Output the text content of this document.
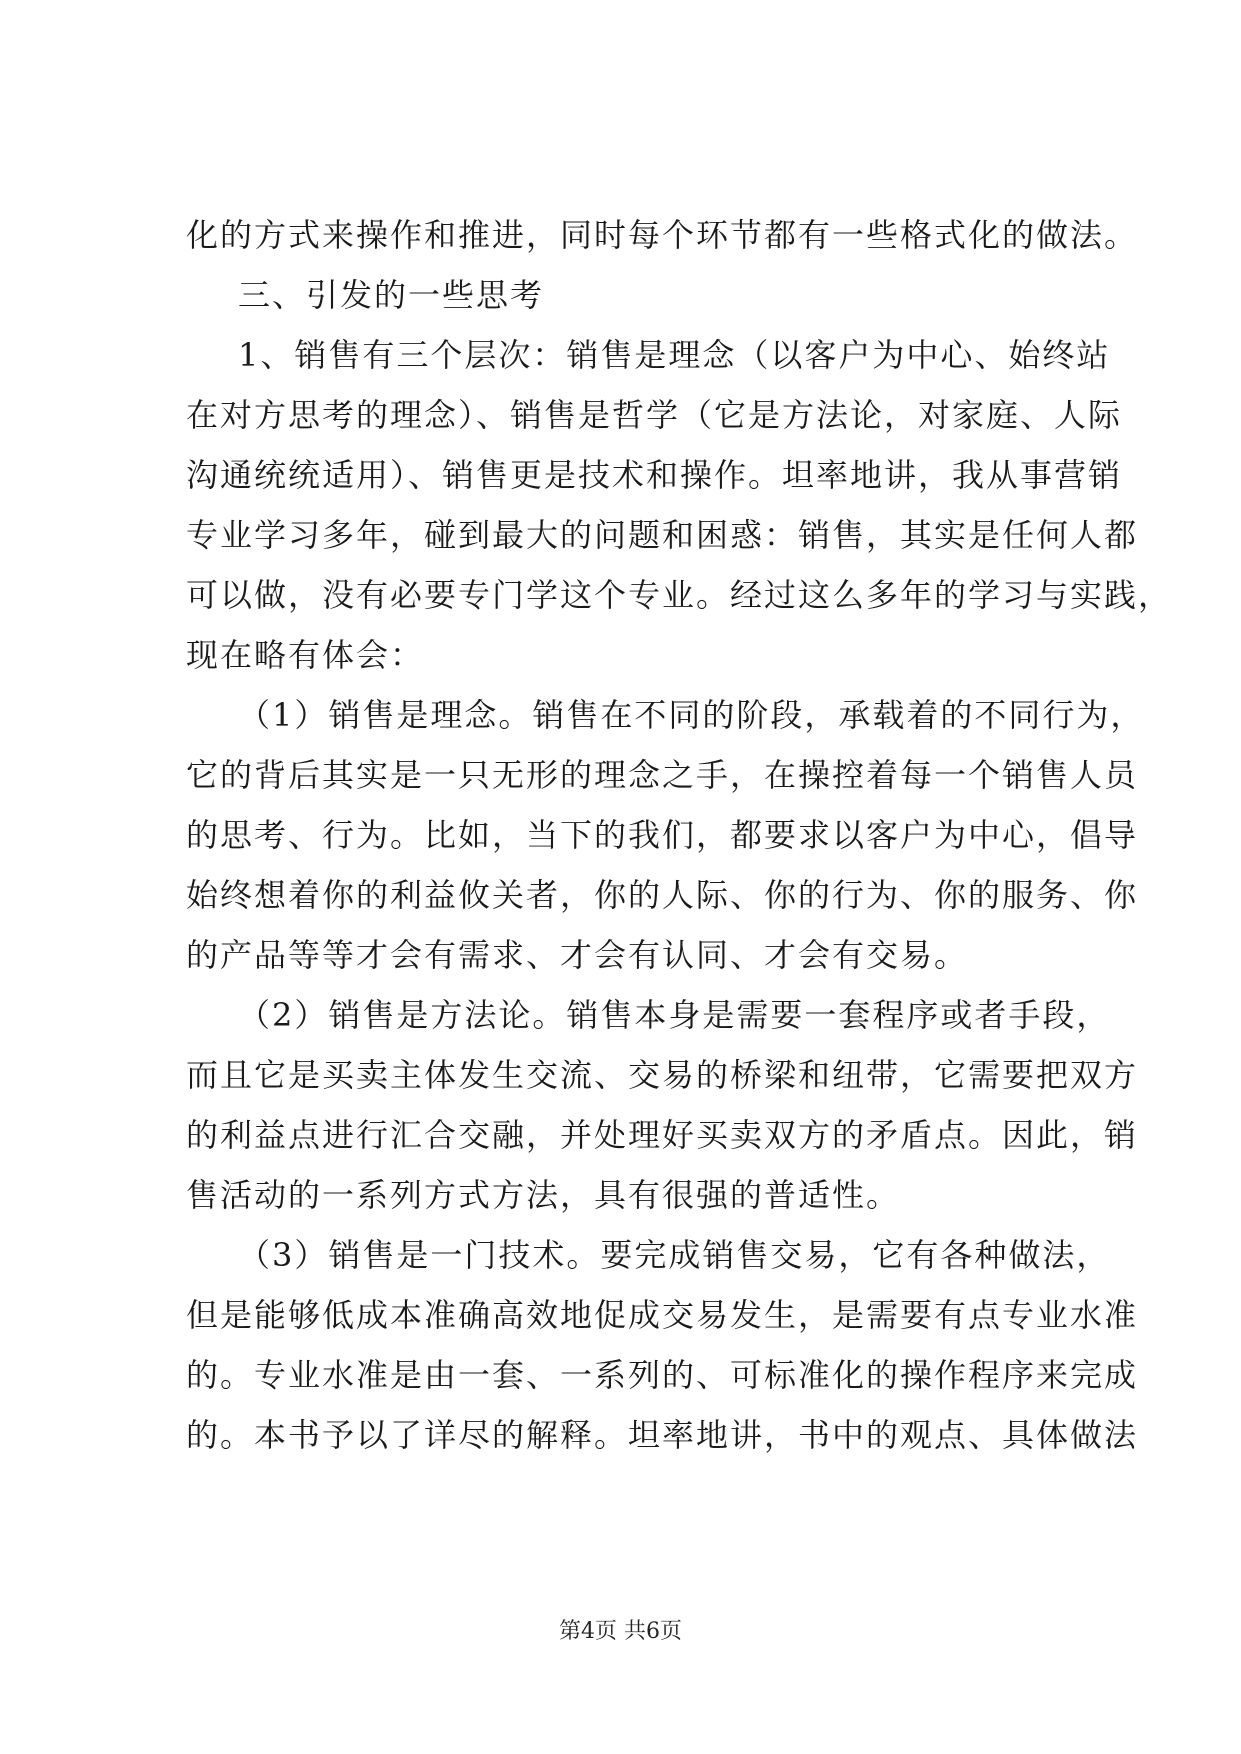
化的方式来操作和推进，同时每个环节都有一些格式化的做法。
三、引发的一些思考
1、销售有三个层次：销售是理念（以客户为中心、始终站
在对方思考的理念）、销售是哲学（它是方法论，对家庭、人际
沟通统统适用）、销售更是技术和操作。坦率地讲，我从事营销
专业学习多年，碰到最大的问题和困惑：销售，其实是任何人都
可以做，没有必要专门学这个专业。经过这么多年的学习与实践，
现在略有体会：
（1）销售是理念。销售在不同的阶段，承载着的不同行为，
它的背后其实是一只无形的理念之手，在操控着每一个销售人员
的思考、行为。比如，当下的我们，都要求以客户为中心，倡导
始终想着你的利益攸关者，你的人际、你的行为、你的服务、你
的产品等等才会有需求、才会有认同、才会有交易。
（2）销售是方法论。销售本身是需要一套程序或者手段，
而且它是买卖主体发生交流、交易的桥梁和纽带，它需要把双方
的利益点进行汇合交融，并处理好买卖双方的矛盾点。因此，销
售活动的一系列方式方法，具有很强的普适性。
（3）销售是一门技术。要完成销售交易，它有各种做法，
但是能够低成本准确高效地促成交易发生，是需要有点专业水准
的。专业水准是由一套、一系列的、可标准化的操作程序来完成
的。本书予以了详尽的解释。坦率地讲，书中的观点、具体做法
第4页 共6页
